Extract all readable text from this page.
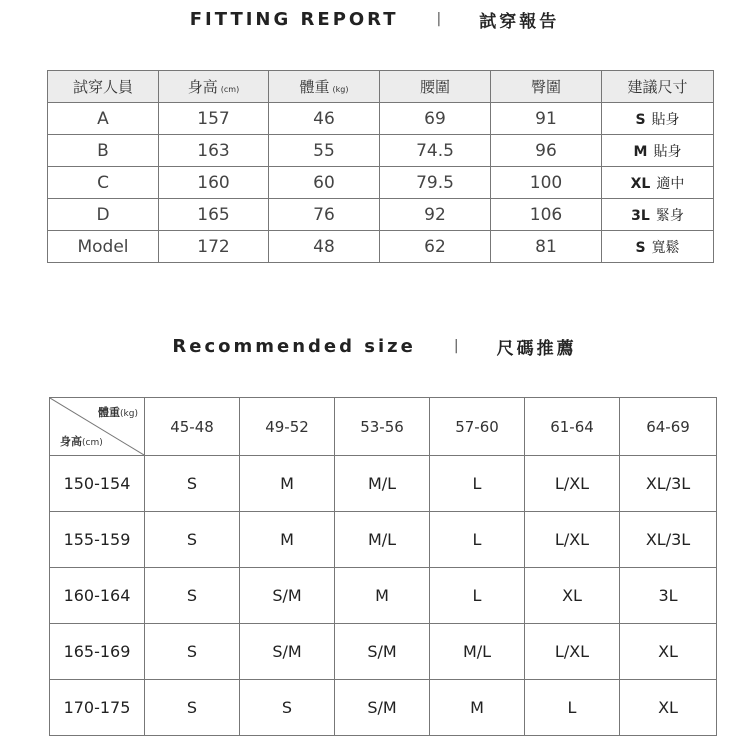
FITTING REPORT	| 試穿報告
試穿人員	身高 (cm)	體重 (kg)	腰圍	臀圍	建議尺寸
A	157	46	69	91	S 貼身
B	163	55	74.5	96	M 貼身
C	160	60	79.5	100	XL 適中
D	165	76	92	106	3L 緊身
Model	172	48	62	81	S 寬鬆
Recommended size	| 尺碼推薦
體重(kg)
身高(cm)	45-48	49-52	53-56	57-60	61-64	64-69
150-154	S	M	M/L	L	L/XL	XL/3L
155-159	S	M	M/L	L	L/XL	XL/3L
160-164	S	S/M	M	L	XL	3L
165-169	S	S/M	S/M	M/L	L/XL	XL
170-175	S	S	S/M	M	L	XL
